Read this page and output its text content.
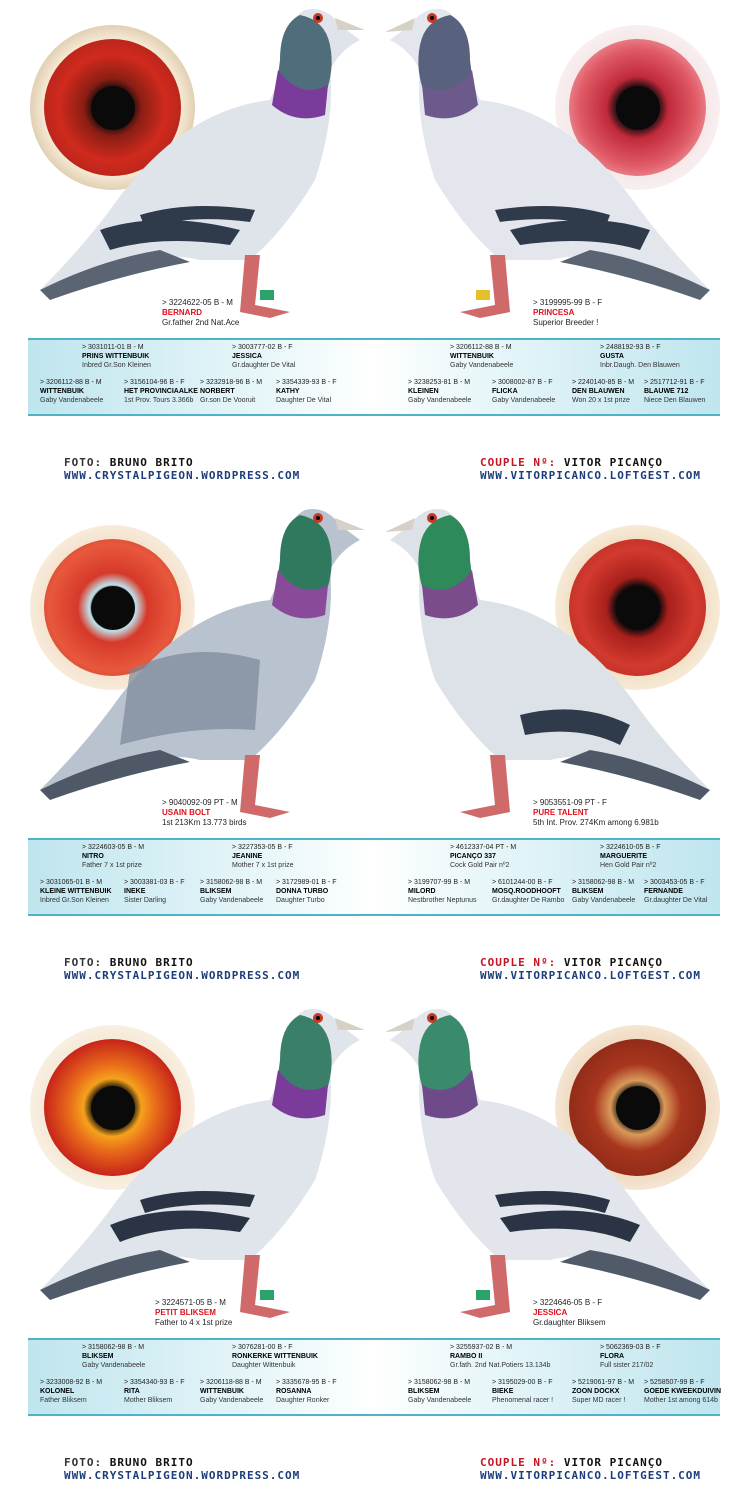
> 3224622-05 B - M
BERNARD
Gr.father 2nd Nat.Ace
> 3199995-99 B - F
PRINCESA
Superior Breeder !
> 3031011-01 B - M
PRINS WITTENBUIK
Inbred Gr.Son Kleinen
> 3003777-02 B - F
JESSICA
Gr.daughter De Vital
> 3206112-88 B - M
WITTENBUIK
Gaby Vandenabeele
> 2488192-93 B - F
GUSTA
Inbr.Daugh. Den Blauwen
> 3206112-88 B - M
WITTENBUIK
Gaby Vandenabeele
> 3156104-96 B - F
HET PROVINCIAALKE
1st Prov. Tours 3.366b
> 3232918-96 B - M
NORBERT
Gr.son De Vooruit
> 3354339-93 B - F
KATHY
Daughter De Vital
> 3238253-81 B - M
KLEINEN
Gaby Vandenabeele
> 3008002-87 B - F
FLICKA
Gaby Vandenabeele
> 2240140-85 B - M
DEN BLAUWEN
Won 20 x 1st prize
> 2517712-91 B - F
BLAUWE 712
Niece Den Blauwen
FOTO: BRUNO BRITO
WWW.CRYSTALPIGEON.WORDPRESS.COM
COUPLE Nº: VITOR PICANÇO
WWW.VITORPICANCO.LOFTGEST.COM
> 9040092-09 PT - M
USAIN BOLT
1st 213Km 13.773 birds
> 9053551-09 PT - F
PURE TALENT
5th Int. Prov. 274Km among 6.981b
> 3224603-05 B - M
NITRO
Father 7 x 1st prize
> 3227353-05 B - F
JEANINE
Mother 7 x 1st prize
> 4612337-04 PT - M
PICANÇO 337
Cock Gold Pair nº2
> 3224610-05 B - F
MARGUERITE
Hen Gold Pair nº2
> 3031065-01 B - M
KLEINE WITTENBUIK
Inbred Gr.Son Kleinen
> 3003381-03 B - F
INEKE
Sister Darling
> 3158062-98 B - M
BLIKSEM
Gaby Vandenabeele
> 3172989-01 B - F
DONNA TURBO
Daughter Turbo
> 3199707-99 B - M
MILORD
Nestbrother Neptunus
> 6101244-00 B - F
MOSQ.ROODHOOFT
Gr.daughter De Rambo
> 3158062-98 B - M
BLIKSEM
Gaby Vandenabeele
> 3003453-05 B - F
FERNANDE
Gr.daughter De Vital
FOTO: BRUNO BRITO
WWW.CRYSTALPIGEON.WORDPRESS.COM
COUPLE Nº: VITOR PICANÇO
WWW.VITORPICANCO.LOFTGEST.COM
> 3224571-05 B - M
PETIT BLIKSEM
Father to 4 x 1st prize
> 3224646-05 B - F
JESSICA
Gr.daughter Bliksem
> 3158062-98 B - M
BLIKSEM
Gaby Vandenabeele
> 3076281-00 B - F
RONKERKE WITTENBUIK
Daughter Wittenbuik
> 3255937-02 B - M
RAMBO II
Gr.fath. 2nd Nat.Potiers 13.134b
> 5062369-03 B - F
FLORA
Full sister 217/02
> 3233008-92 B - M
KOLONEL
Father Bliksem
> 3354340-93 B - F
RITA
Mother Bliksem
> 3206118-88 B - M
WITTENBUIK
Gaby Vandenabeele
> 3335678-95 B - F
ROSANNA
Daughter Ronker
> 3158062-98 B - M
BLIKSEM
Gaby Vandenabeele
> 3195029-00 B - F
BIEKE
Phenomenal racer !
> 5219061-97 B - M
ZOON DOCKX
Super MD racer !
> 5258507-99 B - F
GOEDE KWEEKDUIVIN
Mother 1st among 614b
FOTO: BRUNO BRITO
WWW.CRYSTALPIGEON.WORDPRESS.COM
COUPLE Nº: VITOR PICANÇO
WWW.VITORPICANCO.LOFTGEST.COM
